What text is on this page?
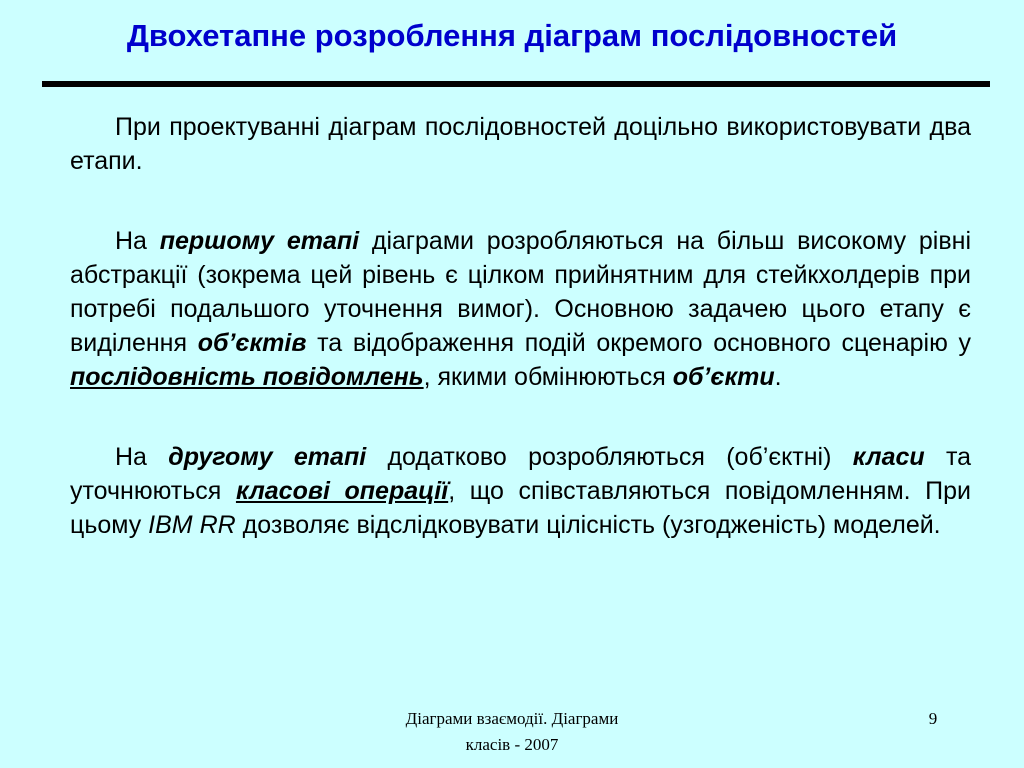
Двохетапне розроблення діаграм послідовностей

При проектуванні діаграм послідовностей доцільно використовувати два етапи.

На першому етапі діаграми розробляються на більш високому рівні абстракції (зокрема цей рівень є цілком прийнятним для стейкхолдерів при потребі подальшого уточнення вимог). Основною задачею цього етапу є виділення об’єктів та відображення подій окремого основного сценарію у послідовність повідомлень, якими обмінюються об’єкти.

На другому етапі додатково розробляються (об’єктні) класи та уточнюються класові операції, що співставляються повідомленням. При цьому IBM RR дозволяє відслідковувати цілісність (узгодженість) моделей.

Діаграми взаємодії. Діаграми
класів - 2007
9
